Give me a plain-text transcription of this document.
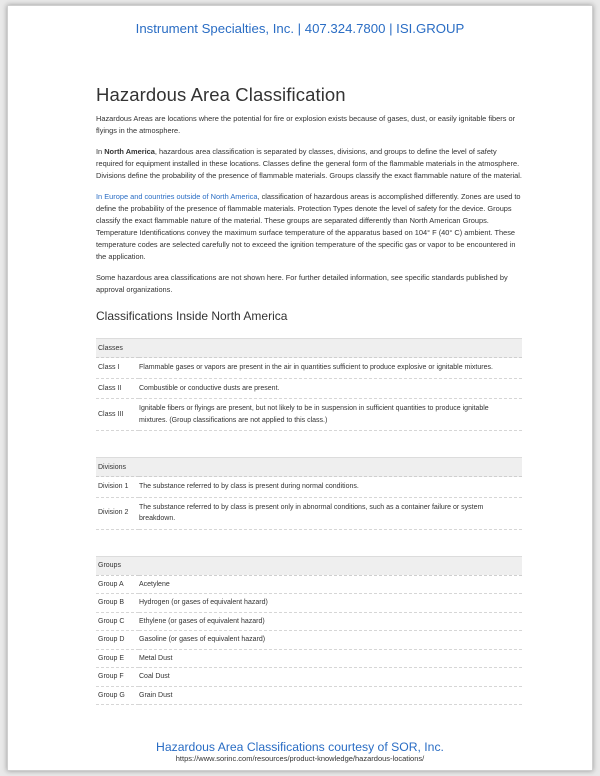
Instrument Specialties, Inc. | 407.324.7800 | ISI.GROUP
Hazardous Area Classification

Hazardous Areas are locations where the potential for fire or explosion exists because of gases, dust, or easily ignitable fibers or flyings in the atmosphere.

In North America, hazardous area classification is separated by classes, divisions, and groups to define the level of safety required for equipment installed in these locations. Classes define the general form of the flammable materials in the atmosphere. Divisions define the probability of the presence of flammable materials. Groups classify the exact flammable nature of the material.

In Europe and countries outside of North America, classification of hazardous areas is accomplished differently. Zones are used to define the probability of the presence of flammable materials. Protection Types denote the level of safety for the device. Groups classify the exact flammable nature of the material. These groups are separated differently than North American Groups. Temperature Identifications convey the maximum surface temperature of the apparatus based on 104° F (40° C) ambient. These temperature codes are selected carefully not to exceed the ignition temperature of the specific gas or vapor to be encountered in the application.

Some hazardous area classifications are not shown here. For further detailed information, see specific standards published by approval organizations.

Classifications Inside North America
Classes	
Class I	Flammable gases or vapors are present in the air in quantities sufficient to produce explosive or ignitable mixtures.
Class II	Combustible or conductive dusts are present.
Class III	Ignitable fibers or flyings are present, but not likely to be in suspension in sufficient quantities to produce ignitable mixtures. (Group classifications are not applied to this class.)
Divisions	
Division 1	The substance referred to by class is present during normal conditions.
Division 2	The substance referred to by class is present only in abnormal conditions, such as a container failure or system breakdown.
Groups	
Group A	Acetylene
Group B	Hydrogen (or gases of equivalent hazard)
Group C	Ethylene (or gases of equivalent hazard)
Group D	Gasoline (or gases of equivalent hazard)
Group E	Metal Dust
Group F	Coal Dust
Group G	Grain Dust
Hazardous Area Classifications courtesy of SOR, Inc.
https://www.sorinc.com/resources/product-knowledge/hazardous-locations/
